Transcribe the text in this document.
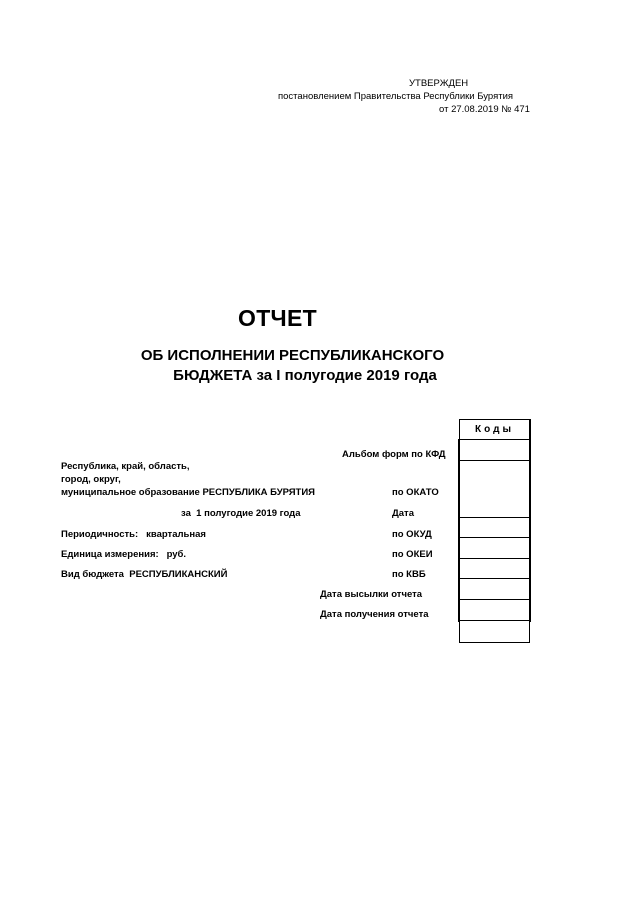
УТВЕРЖДЕН
постановлением Правительства Республики Бурятия
от 27.08.2019 № 471
ОТЧЕТ
ОБ ИСПОЛНЕНИИ РЕСПУБЛИКАНСКОГО
БЮДЖЕТА за I полугодие 2019 года
Коды
Альбом форм по КФД
Республика, край, область,
город, округ,
муниципальное образование РЕСПУБЛИКА БУРЯТИЯ	по ОКАТО
за 1 полугодие 2019 года	Дата
Периодичность: квартальная	по ОКУД
Единица измерения: руб.	по ОКЕИ
Вид бюджета РЕСПУБЛИКАНСКИЙ	по КВБ
Дата высылки отчета
Дата получения отчета
